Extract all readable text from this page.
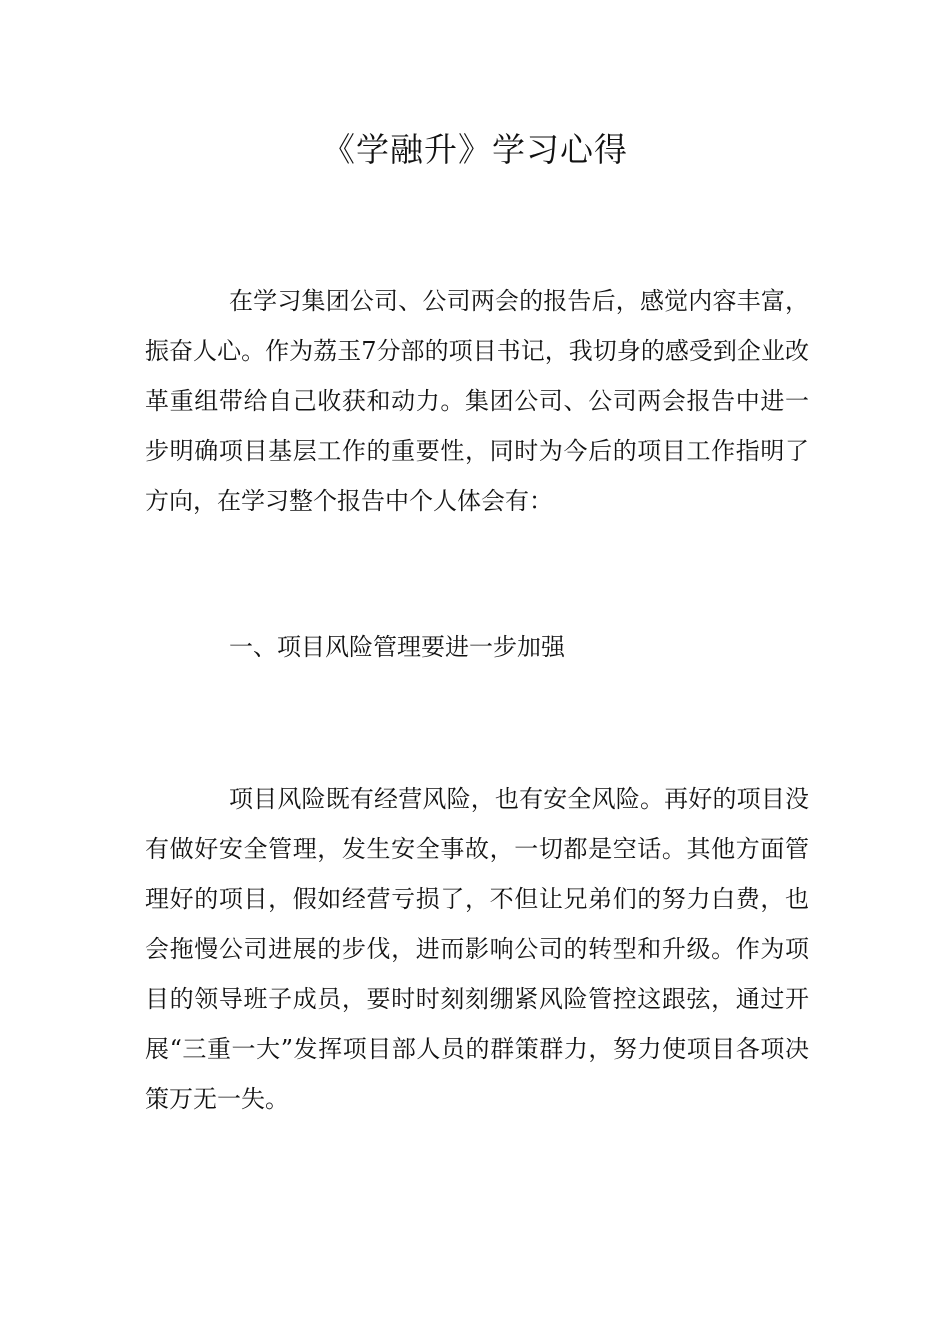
《学融升》学习心得

在学习集团公司、公司两会的报告后，感觉内容丰富，振奋人心。作为荔玉7分部的项目书记，我切身的感受到企业改革重组带给自己收获和动力。集团公司、公司两会报告中进一步明确项目基层工作的重要性，同时为今后的项目工作指明了方向，在学习整个报告中个人体会有：

一、项目风险管理要进一步加强

项目风险既有经营风险，也有安全风险。再好的项目没有做好安全管理，发生安全事故，一切都是空话。其他方面管理好的项目，假如经营亏损了，不但让兄弟们的努力白费，也会拖慢公司进展的步伐，进而影响公司的转型和升级。作为项目的领导班子成员，要时时刻刻绷紧风险管控这跟弦，通过开展“三重一大”发挥项目部人员的群策群力，努力使项目各项决策万无一失。
